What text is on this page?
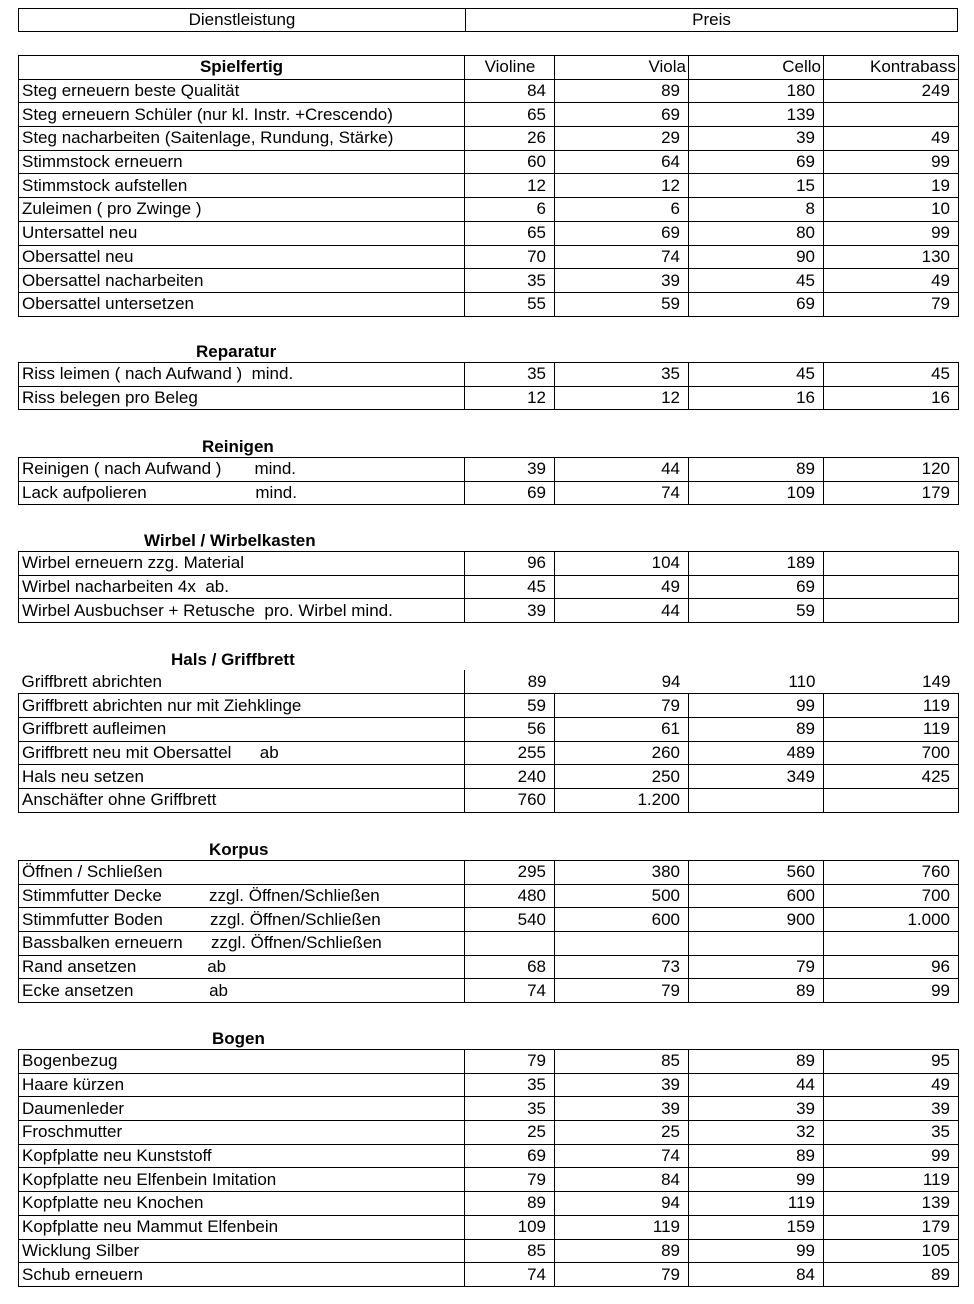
Dienstleistung	Preis
Spielfertig	Violine	Viola	Cello	Kontrabass
Steg erneuern beste Qualität	84	89	180	249
Steg erneuern Schüler (nur kl. Instr. +Crescendo)	65	69	139	
Steg nacharbeiten (Saitenlage, Rundung, Stärke)	26	29	39	49
Stimmstock erneuern	60	64	69	99
Stimmstock aufstellen	12	12	15	19
Zuleimen ( pro Zwinge )	6	6	8	10
Untersattel neu	65	69	80	99
Obersattel neu	70	74	90	130
Obersattel nacharbeiten	35	39	45	49
Obersattel untersetzen	55	59	69	79
Reparatur
Riss leimen ( nach Aufwand )  mind.	35	35	45	45
Riss belegen pro Beleg	12	12	16	16
Reinigen
Reinigen ( nach Aufwand )       mind.	39	44	89	120
Lack aufpolieren                       mind.	69	74	109	179
Wirbel / Wirbelkasten
Wirbel erneuern zzg. Material	96	104	189	
Wirbel nacharbeiten 4x  ab.	45	49	69	
Wirbel Ausbuchser + Retusche  pro. Wirbel mind.	39	44	59	
Hals / Griffbrett
Griffbrett abrichten	89	94	110	149
Griffbrett abrichten nur mit Ziehklinge	59	79	99	119
Griffbrett aufleimen	56	61	89	119
Griffbrett neu mit Obersattel      ab	255	260	489	700
Hals neu setzen	240	250	349	425
Anschäfter ohne Griffbrett	760	1.200		
Korpus
Öffnen / Schließen	295	380	560	760
Stimmfutter Decke          zzgl. Öffnen/Schließen	480	500	600	700
Stimmfutter Boden          zzgl. Öffnen/Schließen	540	600	900	1.000
Bassbalken erneuern      zzgl. Öffnen/Schließen				
Rand ansetzen               ab	68	73	79	96
Ecke ansetzen                ab	74	79	89	99
Bogen
Bogenbezug	79	85	89	95
Haare kürzen	35	39	44	49
Daumenleder	35	39	39	39
Froschmutter	25	25	32	35
Kopfplatte neu Kunststoff	69	74	89	99
Kopfplatte neu Elfenbein Imitation	79	84	99	119
Kopfplatte neu Knochen	89	94	119	139
Kopfplatte neu Mammut Elfenbein	109	119	159	179
Wicklung Silber	85	89	99	105
Schub erneuern	74	79	84	89
